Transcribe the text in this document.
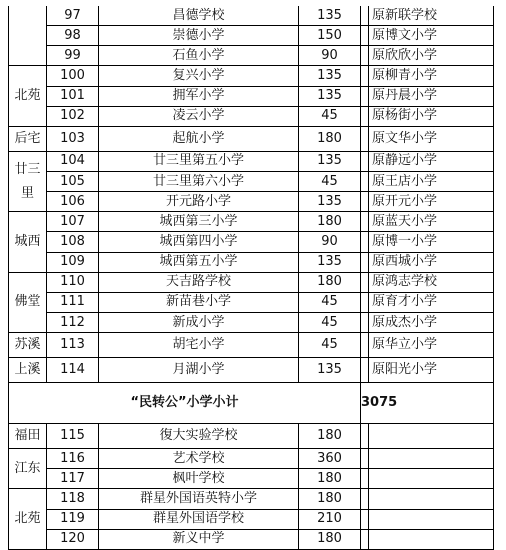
	97	昌德学校	135		原新联学校
	98	崇德小学	150		原博文小学
	99	石鱼小学	90		原欣欣小学
北苑	100	复兴小学	135		原柳青小学
	101	拥军小学	135		原丹晨小学
	102	凌云小学	45		原杨街小学
后宅	103	起航小学	180		原文华小学
廿三里	104	廿三里第五小学	135		原静远小学
	105	廿三里第六小学	45		原王店小学
	106	开元路小学	135		原开元小学
城西	107	城西第三小学	180		原蓝天小学
	108	城西第四小学	90		原博一小学
	109	城西第五小学	135		原西城小学
佛堂	110	天吉路学校	180		原鸿志学校
	111	新苗巷小学	45		原育才小学
	112	新成小学	45		原成杰小学
苏溪	113	胡宅小学	45		原华立小学
上溪	114	月湖小学	135		原阳光小学
“民转公”小学小计				3075	
福田	115	復大实验学校	180		
江东	116	艺术学校	360		
	117	枫叶学校	180		
北苑	118	群星外国语英特小学	180		
	119	群星外国语学校	210		
	120	新义中学	180		
